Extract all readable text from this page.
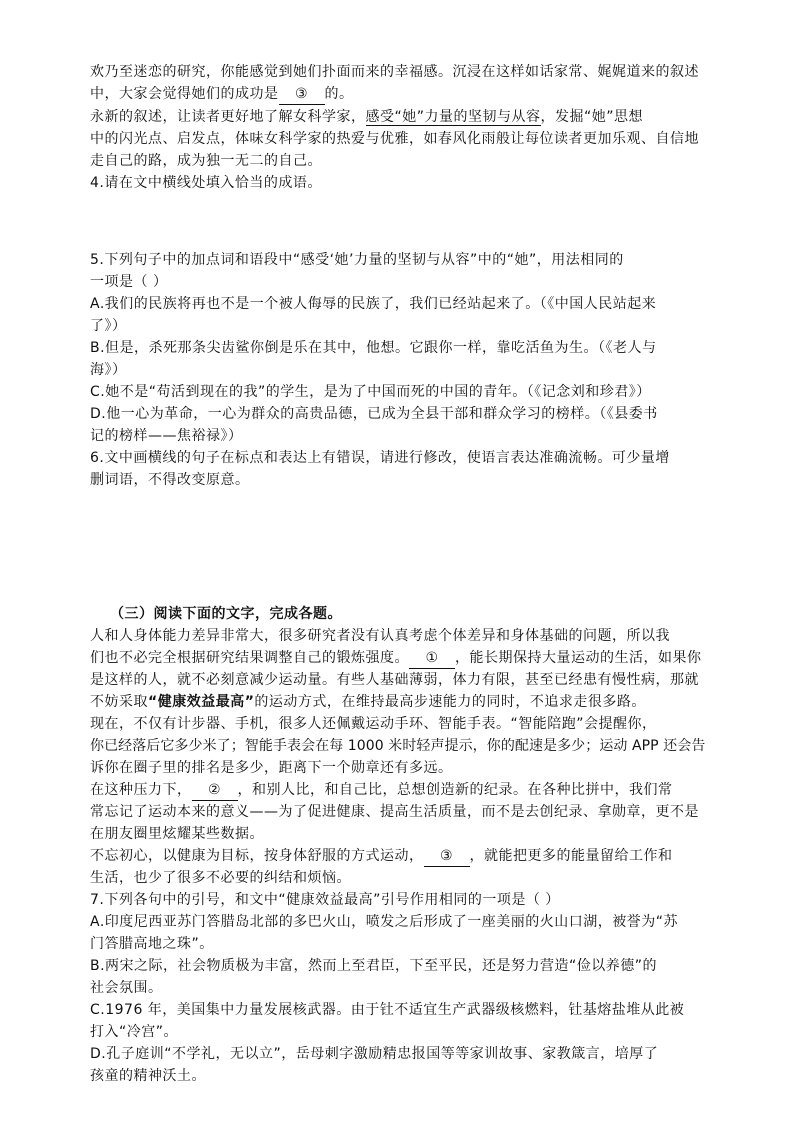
欢乃至迷恋的研究，你能感觉到她们扑面而来的幸福感。沉浸在这样如话家常、娓娓道来的叙述
中，大家会觉得她们的成功是 ③ 的。
永新的叙述，让读者更好地了解女科学家，感受“她”力量的坚韧与从容，发掘“她”思想
中的闪光点、启发点，体味女科学家的热爱与优雅，如春风化雨般让每位读者更加乐观、自信地
走自己的路，成为独一无二的自己。
4.请在文中横线处填入恰当的成语。
5.下列句子中的加点词和语段中“感受‘她’力量的坚韧与从容”中的“她”，用法相同的
一项是（ ）
A.我们的民族将再也不是一个被人侮辱的民族了，我们已经站起来了。（《中国人民站起来
了》）
B.但是，杀死那条尖齿鲨你倒是乐在其中，他想。它跟你一样，靠吃活鱼为生。（《老人与
海》）
C.她不是“苟活到现在的我”的学生，是为了中国而死的中国的青年。（《记念刘和珍君》）
D.他一心为革命，一心为群众的高贵品德，已成为全县干部和群众学习的榜样。（《县委书
记的榜样——焦裕禄》）
6.文中画横线的句子在标点和表达上有错误，请进行修改，使语言表达准确流畅。可少量增
删词语，不得改变原意。
（三）阅读下面的文字，完成各题。
人和人身体能力差异非常大，很多研究者没有认真考虑个体差异和身体基础的问题，所以我
们也不必完全根据研究结果调整自己的锻炼强度。 ① ，能长期保持大量运动的生活，如果你
是这样的人，就不必刻意减少运动量。有些人基础薄弱，体力有限，甚至已经患有慢性病，那就
不妨采取“健康效益最高”的运动方式，在维持最高步速能力的同时，不追求走很多路。
现在，不仅有计步器、手机，很多人还佩戴运动手环、智能手表。“智能陪跑”会提醒你，
你已经落后它多少米了；智能手表会在每 1000 米时轻声提示，你的配速是多少；运动 APP 还会告
诉你在圈子里的排名是多少，距离下一个勋章还有多远。
在这种压力下， ② ，和别人比，和自己比，总想创造新的纪录。在各种比拼中，我们常
常忘记了运动本来的意义——为了促进健康、提高生活质量，而不是去创纪录、拿勋章，更不是
在朋友圈里炫耀某些数据。
不忘初心，以健康为目标，按身体舒服的方式运动， ③ ，就能把更多的能量留给工作和
生活，也少了很多不必要的纠结和烦恼。
7.下列各句中的引号，和文中“健康效益最高”引号作用相同的一项是（ ）
A.印度尼西亚苏门答腊岛北部的多巴火山，喷发之后形成了一座美丽的火山口湖，被誉为“苏
门答腊高地之珠”。
B.两宋之际，社会物质极为丰富，然而上至君臣，下至平民，还是努力营造“俭以养德”的
社会氛围。
C.1976 年，美国集中力量发展核武器。由于钍不适宜生产武器级核燃料，钍基熔盐堆从此被
打入“冷宫”。
D.孔子庭训“不学礼，无以立”，岳母刺字激励精忠报国等等家训故事、家教箴言，培厚了
孩童的精神沃土。
